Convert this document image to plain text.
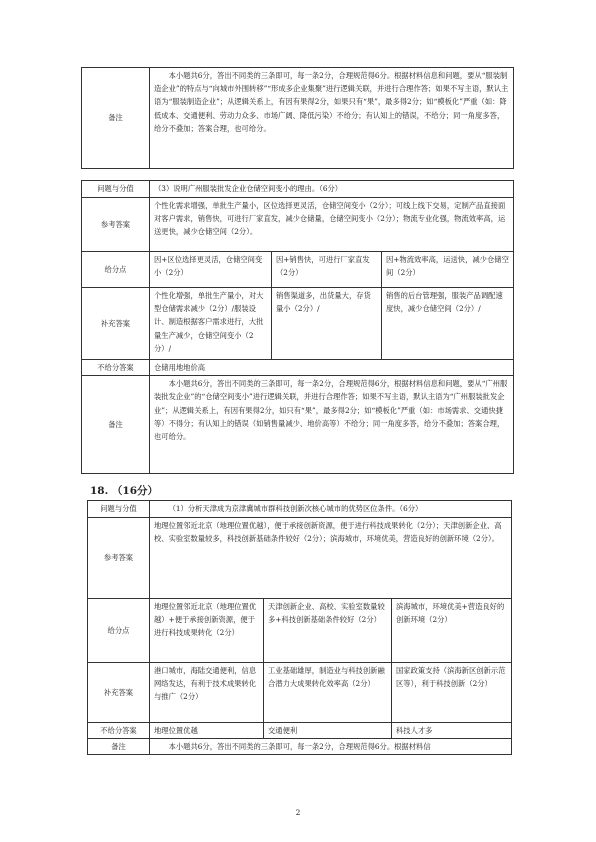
备注	本小题共6分，答出不同类的三条即可，每一条2分，合理规范得6分。根据材料信息和问题，要从“服装制造企业”的特点与“向城市外围转移”“形成多企业集聚”进行逻辑关联，并进行合理作答；如果不写主语，默认主语为“服装制造企业”；从逻辑关系上，有因有果得2分，如果只有“果”，最多得2分；如“模板化”严重（如：降低成本、交通便利、劳动力众多、市场广阔、降低污染）不给分；有认知上的错误，不给分；同一角度多答，给分不叠加；答案合理，也可给分。
问题与分值	（3）说明广州服装批发企业仓储空间变小的理由。（6分）		
参考答案	个性化需求增强，单批生产量小，区位选择更灵活，仓储空间变小（2分）；可线上线下交易，定制产品直接面对客户需求，销售快，可进行厂家直发，减少仓储量，仓储空间变小（2分）；物流专业化强，物流效率高，运送更快，减少仓储空间（2分）。		
给分点	因+区位选择更灵活，仓储空间变小（2分）	因+销售快，可进行厂家直发（2分）	因+物流效率高，运送快，减少仓储空间（2分）
补充答案	个性化增强，单批生产量小，对大型仓储需求减少（2分）/服装设计、制造根据客户需求进行，大批量生产减少，仓储空间变小（2分）/	销售渠道多，出货量大，存货量小（2分）/	销售的后台管理强，服装产品调配速度快，减少仓储空间（2分）/
不给分答案	仓储用地地价高		
备注	本小题共6分，答出不同类的三条即可，每一条2分，合理规范得6分，根据材料信息和问题，要从“广州服装批发企业”的“仓储空间变小”进行逻辑关联，并进行合理作答；如果不写主语，默认主语为“广州服装批发企业”；从逻辑关系上，有因有果得2分，如只有“果”，最多得2分；如“模板化”严重（如：市场需求、交通快捷等）不得分；有认知上的错误（如销售量减少、地价高等）不给分；同一角度多答，给分不叠加；答案合理，也可给分。		
18. （16分）
问题与分值	（1）分析天津成为京津冀城市群科技创新次核心城市的优势区位条件。（6分）		
参考答案	地理位置邻近北京（地理位置优越），便于承接创新资源，便于进行科技成果转化（2分）；天津创新企业、高校、实验室数量较多，科技创新基础条件较好（2分）；滨海城市，环境优美，营造良好的创新环境（2分）。		
给分点	地理位置邻近北京（地理位置优越）+便于承接创新资源，便于进行科技成果转化（2分）	天津创新企业、高校、实验室数量较多+科技创新基础条件较好（2分）	滨海城市，环境优美+营造良好的创新环境（2分）
补充答案	港口城市，海陆交通便利，信息网络发达，有利于技术成果转化与推广（2分）	工业基础雄厚，制造业与科技创新融合潜力大成果转化效率高（2分）	国家政策支持（滨海新区创新示范区等），利于科技创新（2分）
不给分答案	地理位置优越	交通便利	科技人才多
备注	本小题共6分，答出不同类的三条即可，每一条2分，合理规范得6分。根据材料信		
2
